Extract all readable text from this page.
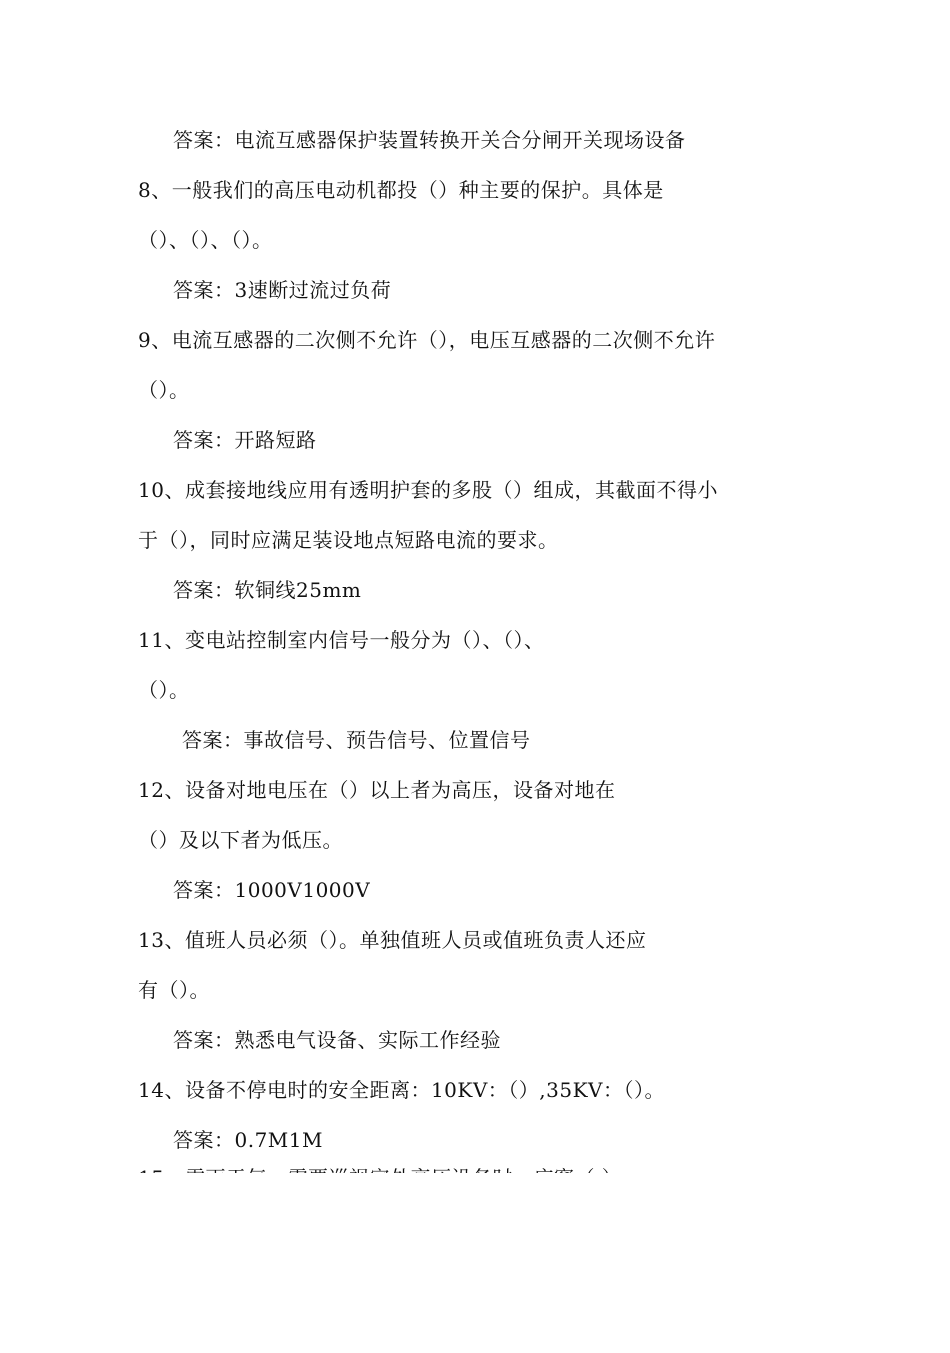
答案：电流互感器保护装置转换开关合分闸开关现场设备
8、一般我们的高压电动机都投（）种主要的保护。具体是
（）、（）、（）。
答案：3速断过流过负荷
9、电流互感器的二次侧不允许（），电压互感器的二次侧不允许
（）。
答案：开路短路
10、成套接地线应用有透明护套的多股（）组成，其截面不得小
于（），同时应满足装设地点短路电流的要求。
答案：软铜线25mm
11、变电站控制室内信号一般分为（）、（）、
（）。
答案：事故信号、预告信号、位置信号
12、设备对地电压在（）以上者为高压，设备对地在
（）及以下者为低压。
答案：1000V1000V
13、值班人员必须（）。单独值班人员或值班负责人还应
有（）。
答案：熟悉电气设备、实际工作经验
14、设备不停电时的安全距离：10KV：（）,35KV：（）。
答案：0.7M1M
